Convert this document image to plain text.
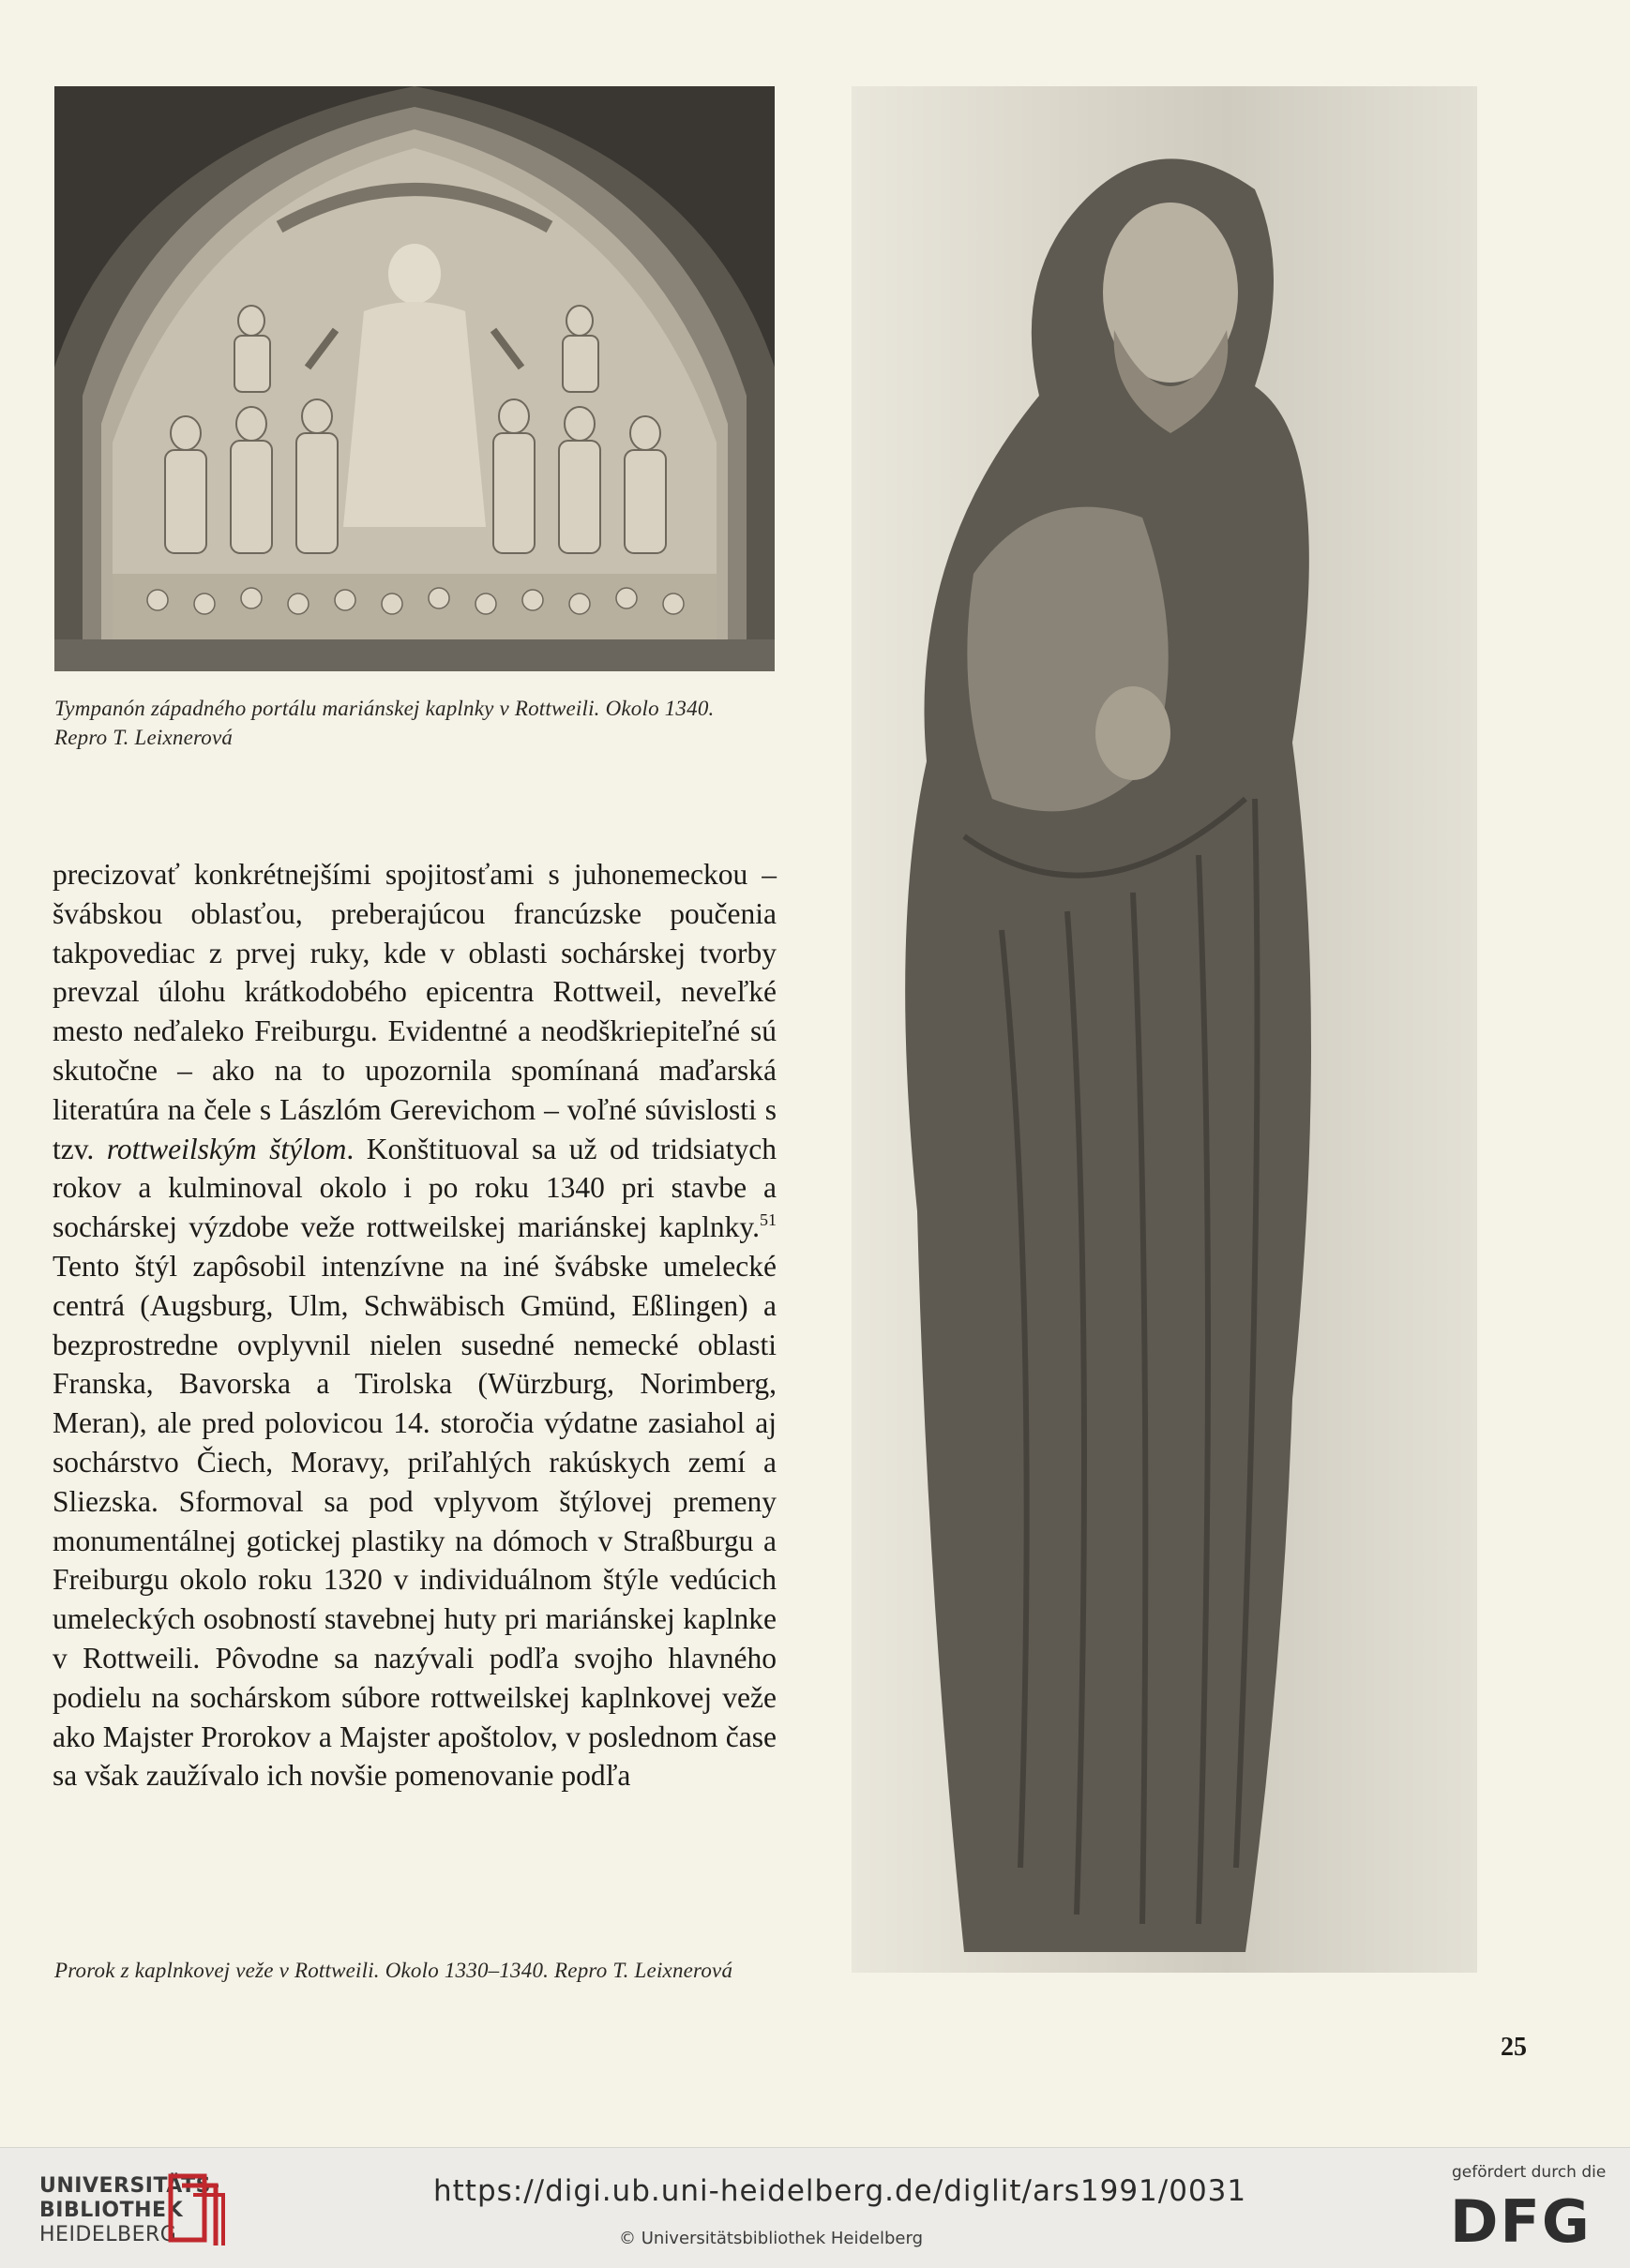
Tympanón západného portálu mariánskej kaplnky v Rottweili. Okolo 1340.
Repro T. Leixnerová

precizovať konkrétnejšími spojitosťami s juhonemeckou – švábskou oblasťou, preberajúcou francúzske poučenia takpovediac z prvej ruky, kde v oblasti sochárskej tvorby prevzal úlohu krátkodobého epicentra Rottweil, neveľké mesto neďaleko Freiburgu. Evidentné a neodškriepiteľné sú skutočne – ako na to upozornila spomínaná maďarská literatúra na čele s Lászlóm Gerevichom – voľné súvislosti s tzv. rottweilským štýlom. Konštituoval sa už od tridsiatych rokov a kulminoval okolo i po roku 1340 pri stavbe a sochárskej výzdobe veže rottweilskej mariánskej kaplnky.$^{51}$ Tento štýl zapôsobil intenzívne na iné švábske umelecké centrá (Augsburg, Ulm, Schwäbisch Gmünd, Eßlingen) a bezprostredne ovplyvnil nielen susedné nemecké oblasti Franska, Bavorska a Tirolska (Würzburg, Norimberg, Meran), ale pred polovicou 14. storočia výdatne zasiahol aj sochárstvo Čiech, Moravy, priľahlých rakúskych zemí a Sliezska. Sformoval sa pod vplyvom štýlovej premeny monumentálnej gotickej plastiky na dómoch v Straßburgu a Freiburgu okolo roku 1320 v individuálnom štýle vedúcich umeleckých osobností stavebnej huty pri mariánskej kaplnke v Rottweili. Pôvodne sa nazývali podľa svojho hlavného podielu na sochárskom súbore rottweilskej kaplnkovej veže ako Majster Prorokov a Majster apoštolov, v poslednom čase sa však zaužívalo ich novšie pomenovanie podľa

Prorok z kaplnkovej veže v Rottweili. Okolo 1330–1340. Repro T. Leixnerová
25
UNIVERSITÄTS-
BIBLIOTHEK
HEIDELBERG
https://digi.ub.uni-heidelberg.de/diglit/ars1991/0031
© Universitätsbibliothek Heidelberg
gefördert durch die
DFG
